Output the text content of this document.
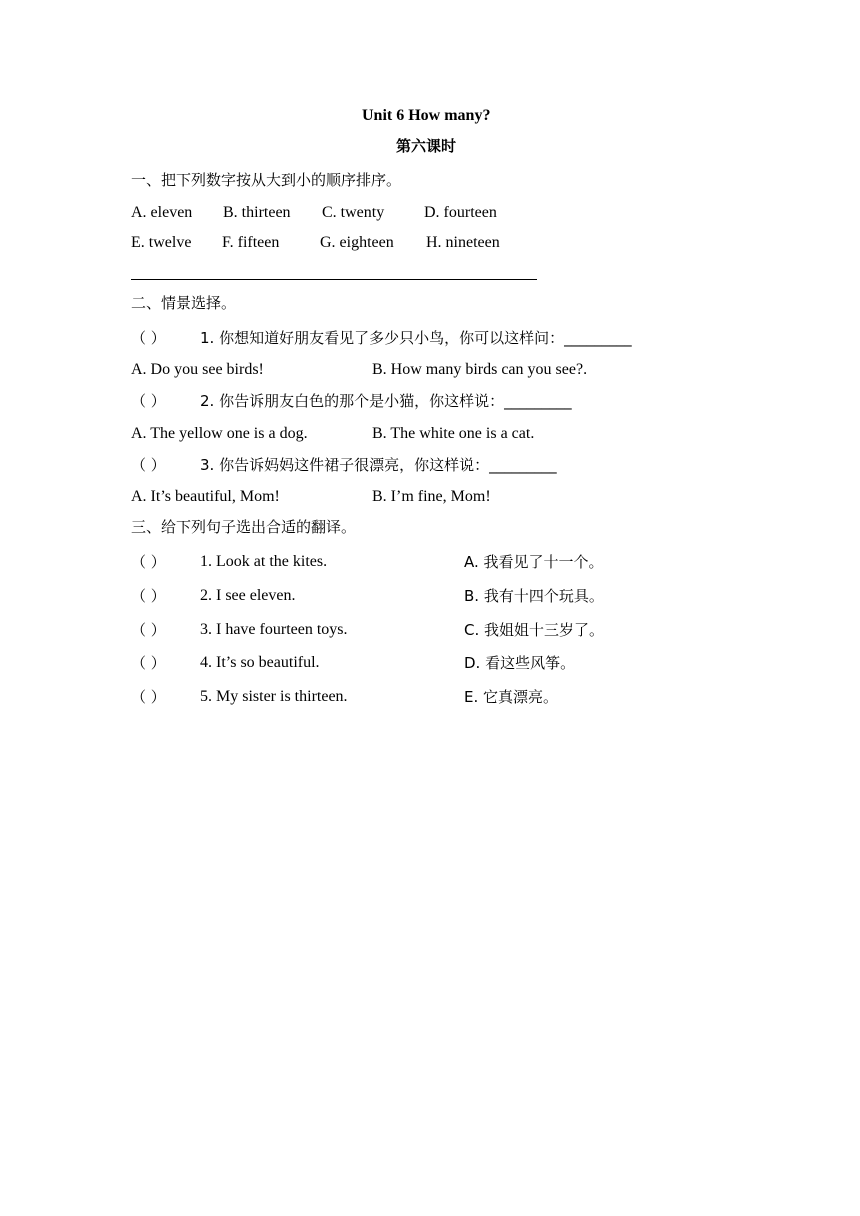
Unit 6 How many?
第六课时
一、把下列数字按从大到小的顺序排序。
A. eleven B. thirteen C. twenty D. fourteen
E. twelve F. fifteen	G. eighteen H. nineteen
二、情景选择。
（ ） 1. 你想知道好朋友看见了多少只小鸟，你可以这样问：_________
A. Do you see birds!	B. How many birds can you see?.
（ ） 2. 你告诉朋友白色的那个是小猫，你这样说：_________
A. The yellow one is a dog.	B. The white one is a cat.
（ ） 3. 你告诉妈妈这件裙子很漂亮，你这样说：_________
A. It’s beautiful, Mom!	B. I’m fine, Mom!
三、给下列句子选出合适的翻译。
（ ） 1. Look at the kites.	A. 我看见了十一个。
（ ） 2. I see eleven.	B. 我有十四个玩具。
（ ） 3. I have fourteen toys.	C. 我姐姐十三岁了。
（ ） 4. It’s so beautiful.	D. 看这些风筝。
（ ） 5. My sister is thirteen.	E. 它真漂亮。
